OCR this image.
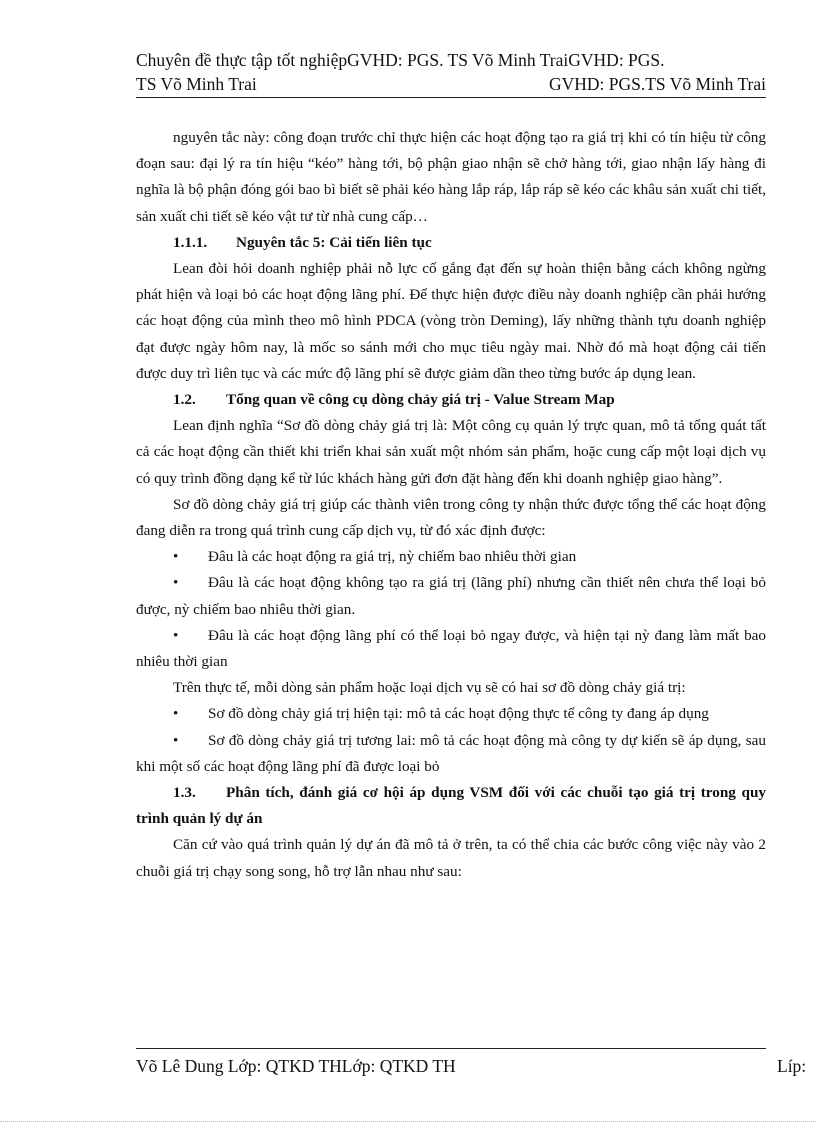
Chuyên đề thực tập tốt nghiệpGVHD: PGS. TS Võ Minh TraiGVHD: PGS.
TS Võ Minh Trai	GVHD: PGS.TS Võ Minh Trai

nguyên tắc này: công đoạn trước chỉ thực hiện các hoạt động tạo ra giá trị khi có tín hiệu từ công đoạn sau: đại lý ra tín hiệu “kéo” hàng tới, bộ phận giao nhận sẽ chở hàng tới, giao nhận lấy hàng đi nghĩa là bộ phận đóng gói bao bì biết sẽ phải kéo hàng lắp ráp, lắp ráp sẽ kéo các khâu sản xuất chi tiết, sản xuất chi tiết sẽ kéo vật tư từ nhà cung cấp…

1.1.1. Nguyên tắc 5: Cải tiến liên tục

Lean đòi hỏi doanh nghiệp phải nỗ lực cố gắng đạt đến sự hoàn thiện bằng cách không ngừng phát hiện và loại bỏ các hoạt động lãng phí. Để thực hiện được điều này doanh nghiệp cần phải hướng các hoạt động của mình theo mô hình PDCA (vòng tròn Deming), lấy những thành tựu doanh nghiệp đạt được ngày hôm nay, là mốc so sánh mới cho mục tiêu ngày mai. Nhờ đó mà hoạt động cải tiến được duy trì liên tục và các mức độ lãng phí sẽ được giảm dần theo từng bước áp dụng lean.

1.2. Tổng quan về công cụ dòng chảy giá trị - Value Stream Map

Lean định nghĩa “Sơ đồ dòng chảy giá trị là: Một công cụ quản lý trực quan, mô tả tổng quát tất cả các hoạt động cần thiết khi triển khai sản xuất một nhóm sản phẩm, hoặc cung cấp một loại dịch vụ có quy trình đồng dạng kể từ lúc khách hàng gửi đơn đặt hàng đến khi doanh nghiệp giao hàng”.

Sơ đồ dòng chảy giá trị giúp các thành viên trong công ty nhận thức được tổng thể các hoạt động đang diễn ra trong quá trình cung cấp dịch vụ, từ đó xác định được:

• Đâu là các hoạt động ra giá trị, nỳ chiếm bao nhiêu thời gian

• Đâu là các hoạt động không tạo ra giá trị (lãng phí) nhưng cần thiết nên chưa thể loại bỏ được, nỳ chiếm bao nhiêu thời gian.

• Đâu là các hoạt động lãng phí có thể loại bỏ ngay được, và hiện tại nỳ đang làm mất bao nhiêu thời gian

Trên thực tế, mỗi dòng sản phẩm hoặc loại dịch vụ sẽ có hai sơ đồ dòng chảy giá trị:

• Sơ đồ dòng chảy giá trị hiện tại: mô tả các hoạt động thực tế công ty đang áp dụng

• Sơ đồ dòng chảy giá trị tương lai: mô tả các hoạt động mà công ty dự kiến sẽ áp dụng, sau khi một số các hoạt động lãng phí đã được loại bỏ

1.3. Phân tích, đánh giá cơ hội áp dụng VSM đối với các chuỗi tạo giá trị trong quy trình quản lý dự án

Căn cứ vào quá trình quản lý dự án đã mô tả ở trên, ta có thể chia các bước công việc này vào 2 chuỗi giá trị chạy song song, hỗ trợ lẫn nhau như sau:

Võ Lê Dung Lớp: QTKD THLớp: QTKD TH	Líp:
